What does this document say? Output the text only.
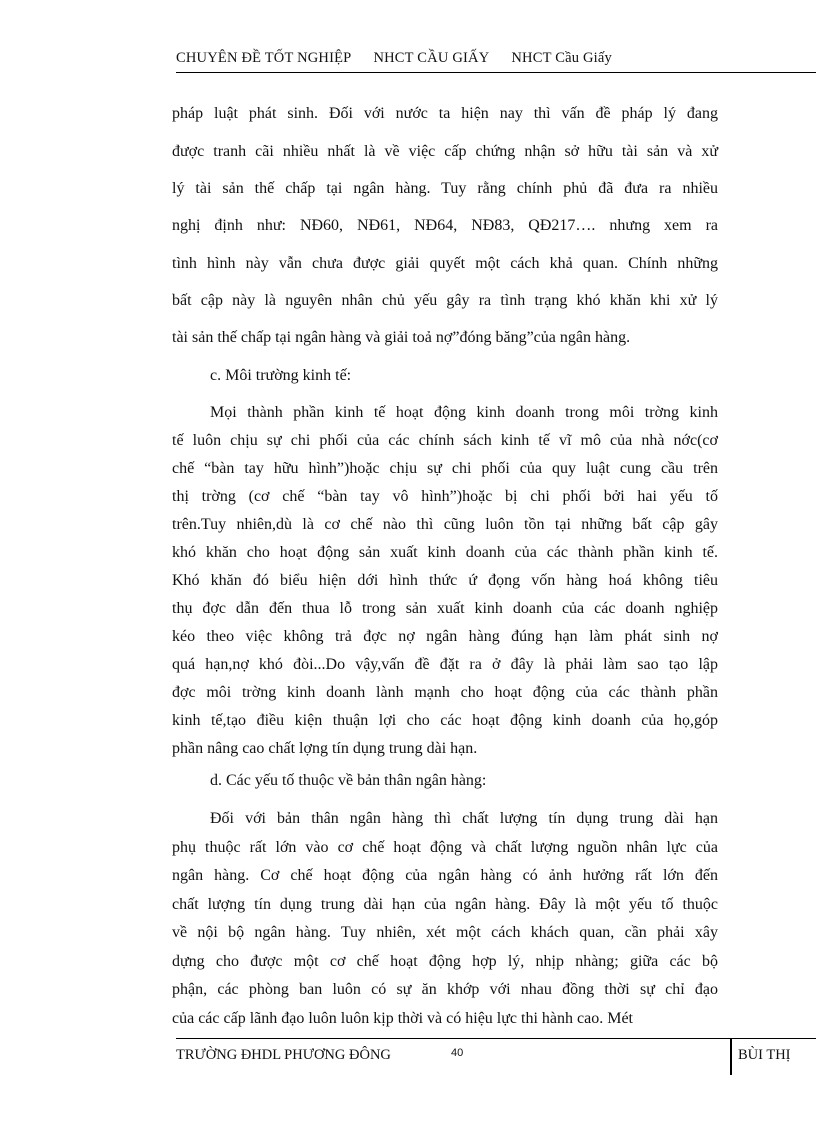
CHUYÊN ĐỀ TỐT NGHIỆP NHCT CẦU GIẤY NHCT Cầu Giấy
pháp luật phát sinh. Đối với nước ta hiện nay thì vấn đề pháp lý đang
được tranh cãi nhiều nhất là về việc cấp chứng nhận sở hữu tài sản và xử
lý tài sản thế chấp tại ngân hàng. Tuy rằng chính phủ đã đưa ra nhiều
nghị định như: NĐ60, NĐ61, NĐ64, NĐ83, QĐ217…. nhưng xem ra
tình hình này vẫn chưa được giải quyết một cách khả quan. Chính những
bất cập này là nguyên nhân chủ yếu gây ra tình trạng khó khăn khi xử lý
tài sản thế chấp tại ngân hàng và giải toả nợ”đóng băng”của ngân hàng.
c. Môi trường kinh tế:
Mọi thành phần kinh tế hoạt động kinh doanh trong môi trờng kinh
tế luôn chịu sự chi phối của các chính sách kinh tế vĩ mô của nhà nớc(cơ
chế “bàn tay hữu hình”)hoặc chịu sự chi phối của quy luật cung cầu trên
thị trờng (cơ chế “bàn tay vô hình”)hoặc bị chi phối bởi hai yếu tố
trên.Tuy nhiên,dù là cơ chế nào thì cũng luôn tồn tại những bất cập gây
khó khăn cho hoạt động sản xuất kinh doanh của các thành phần kinh tế.
Khó khăn đó biểu hiện dới hình thức ứ đọng vốn hàng hoá không tiêu
thụ đợc dẫn đến thua lỗ trong sản xuất kinh doanh của các doanh nghiệp
kéo theo việc không trả đợc nợ ngân hàng đúng hạn làm phát sinh nợ
quá hạn,nợ khó đòi...Do vậy,vấn đề đặt ra ở đây là phải làm sao tạo lập
đợc môi trờng kinh doanh lành mạnh cho hoạt động của các thành phần
kinh tế,tạo điều kiện thuận lợi cho các hoạt động kinh doanh của họ,góp
phần nâng cao chất lợng tín dụng trung dài hạn.
d. Các yếu tố thuộc về bản thân ngân hàng:
Đối với bản thân ngân hàng thì chất lượng tín dụng trung dài hạn
phụ thuộc rất lớn vào cơ chế hoạt động và chất lượng nguồn nhân lực của
ngân hàng. Cơ chế hoạt động của ngân hàng có ảnh hưởng rất lớn đến
chất lượng tín dụng trung dài hạn của ngân hàng. Đây là một yếu tố thuộc
về nội bộ ngân hàng. Tuy nhiên, xét một cách khách quan, cần phải xây
dựng cho được một cơ chế hoạt động hợp lý, nhịp nhàng; giữa các bộ
phận, các phòng ban luôn có sự ăn khớp với nhau đồng thời sự chỉ đạo
của các cấp lãnh đạo luôn luôn kịp thời và có hiệu lực thi hành cao. Mét
TRƯỜNG ĐHDL PHƯƠNG ĐÔNG	40	BÙI THỊ
